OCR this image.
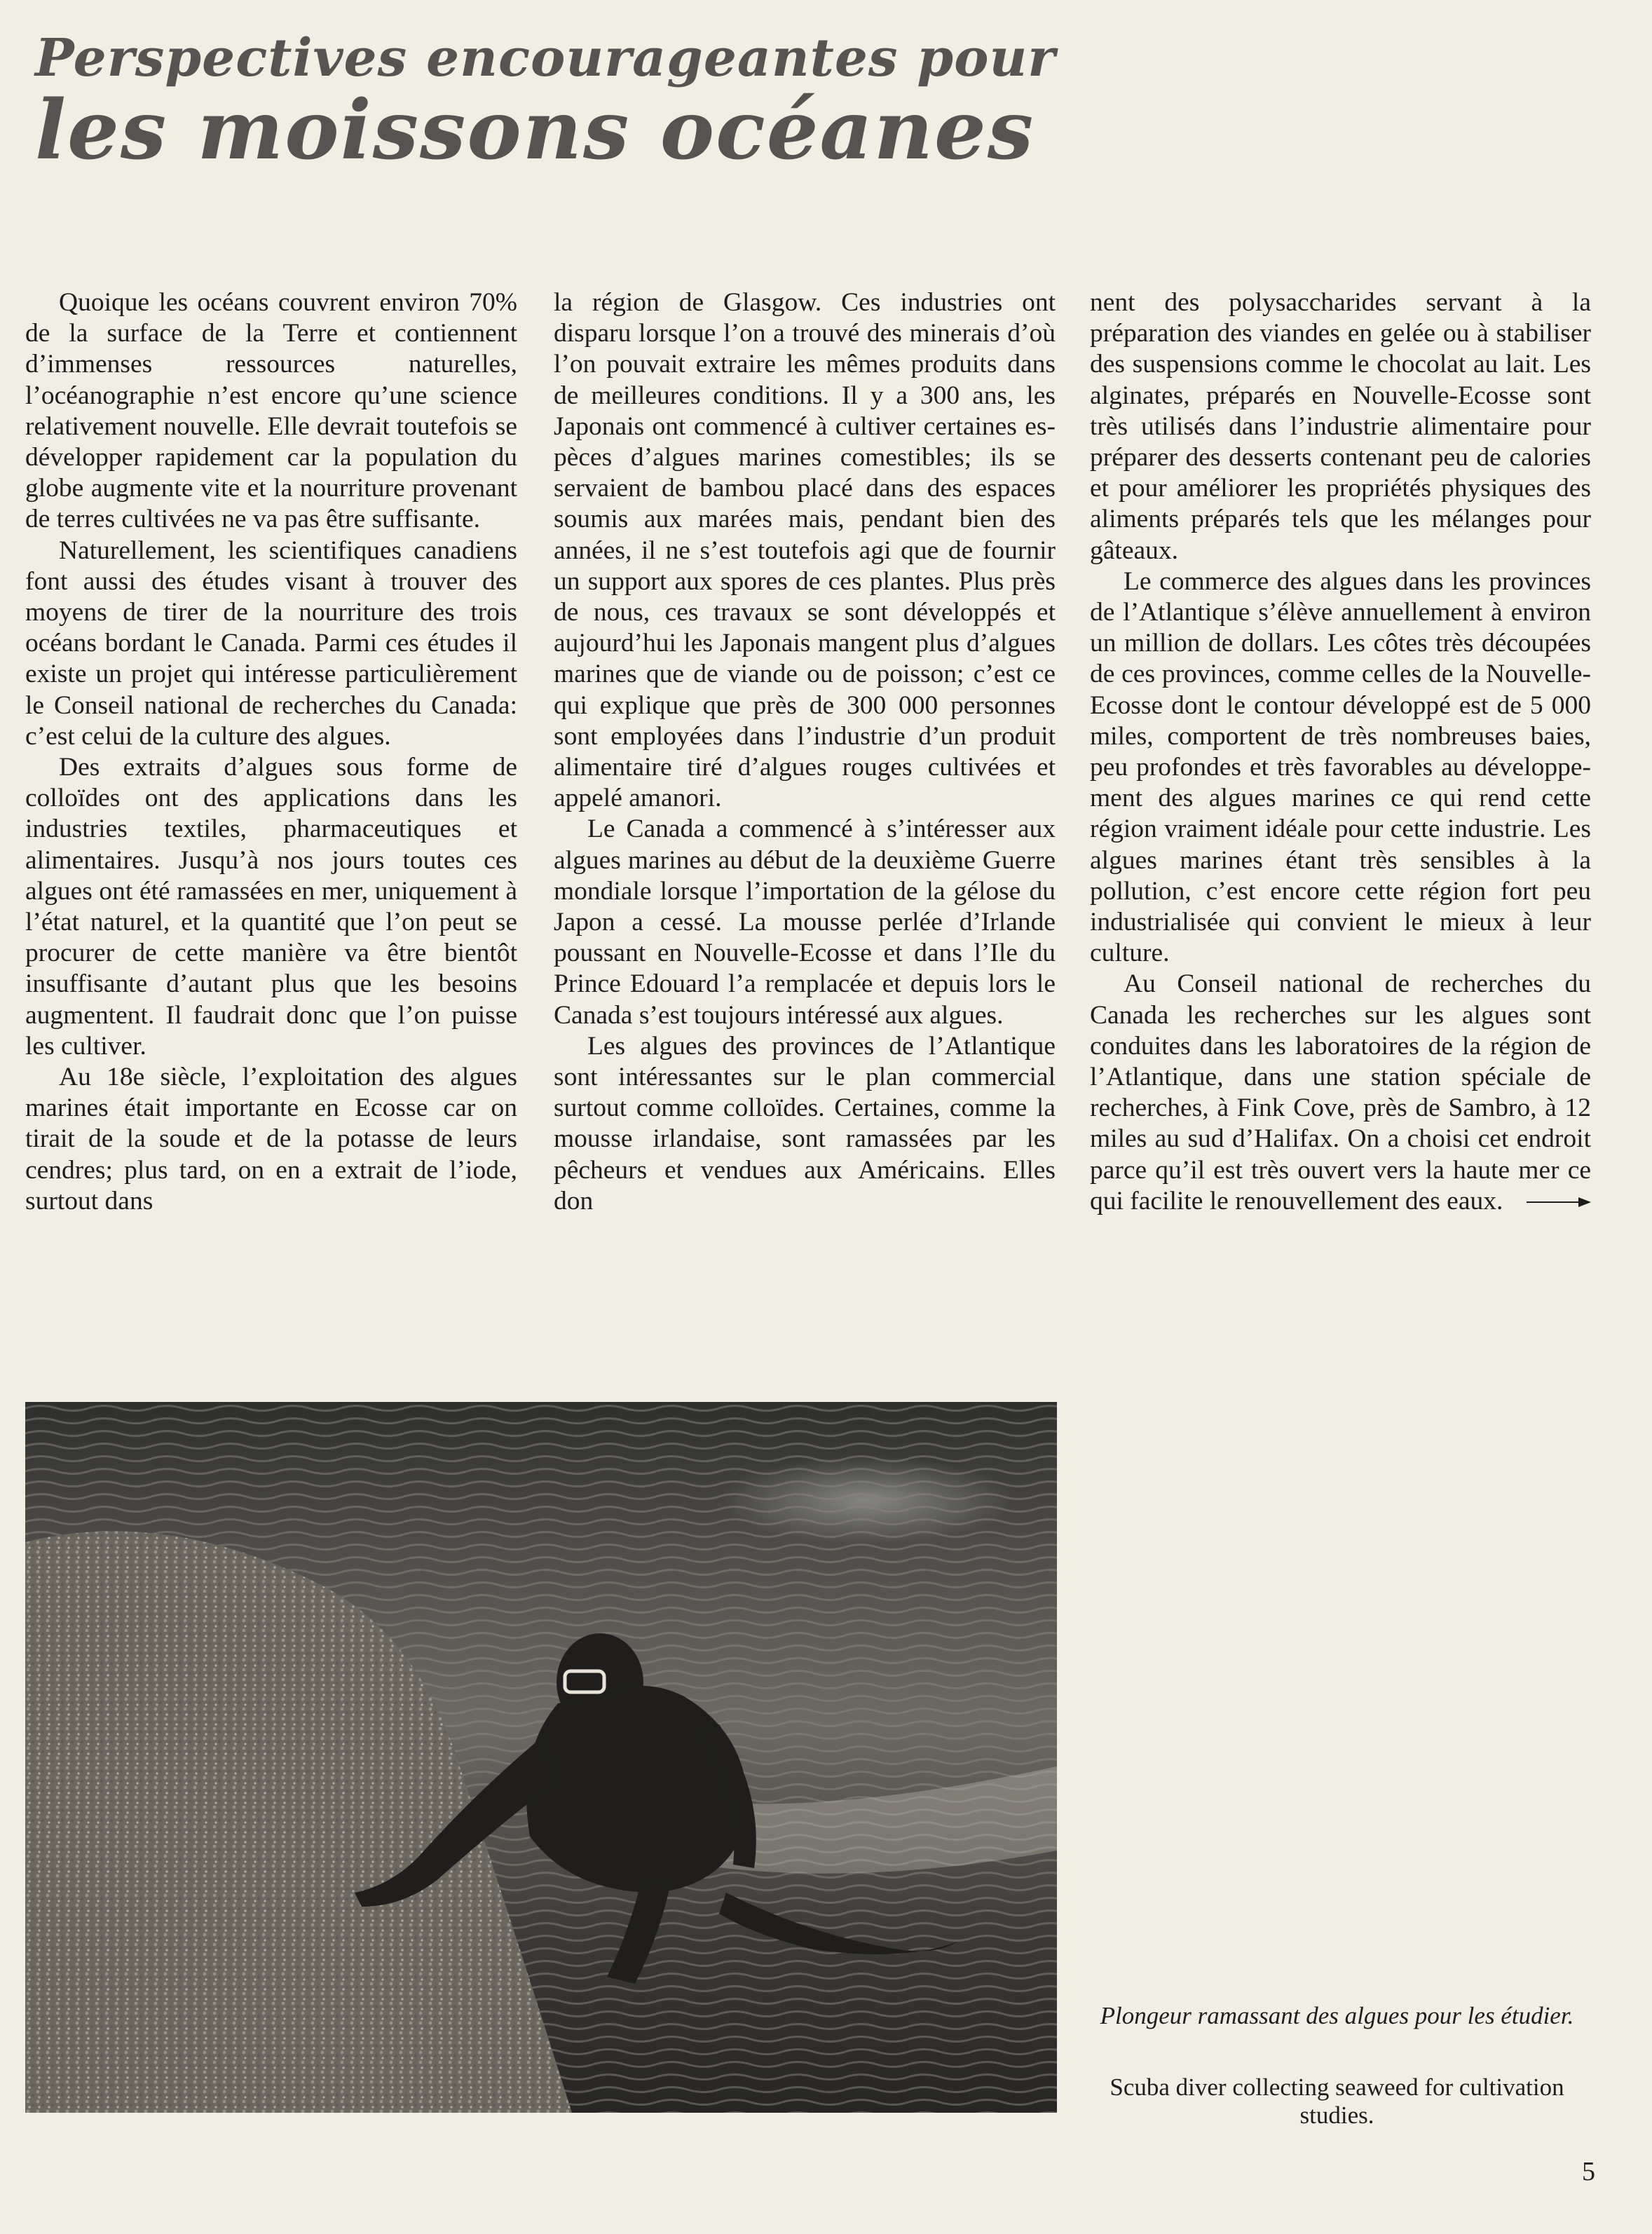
Perspectives encourageantes pour
les moissons océanes

Quoique les océans couvrent environ 70% de la surface de la Terre et contiennent d’immenses ressources naturelles, l’océanographie n’est encore qu’une science relativement nouvelle. Elle devrait toutefois se développer rapidement car la population du globe augmente vite et la nourriture provenant de terres cultivées ne va pas être suffisante.

Naturellement, les scientifiques canadiens font aussi des études visant à trouver des moyens de tirer de la nourriture des trois océans bordant le Canada. Parmi ces études il existe un projet qui intéresse particulièrement le Conseil national de recherches du Canada: c’est celui de la culture des algues.

Des extraits d’algues sous forme de colloïdes ont des applications dans les industries textiles, pharmaceutiques et alimentaires. Jusqu’à nos jours toutes ces algues ont été ramassées en mer, uniquement à l’état naturel, et la quantité que l’on peut se procurer de cette manière va être bientôt insuffisante d’autant plus que les besoins augmentent. Il faudrait donc que l’on puisse les cultiver.

Au 18e siècle, l’exploitation des algues marines était importante en Ecosse car on tirait de la soude et de la potasse de leurs cendres; plus tard, on en a extrait de l’iode, surtout dans

la région de Glasgow. Ces industries ont disparu lorsque l’on a trouvé des minerais d’où l’on pouvait extraire les mêmes produits dans de meilleures conditions. Il y a 300 ans, les Japonais ont commencé à cultiver certaines espèces d’algues marines comestibles; ils se servaient de bambou placé dans des espaces soumis aux marées mais, pendant bien des années, il ne s’est toutefois agi que de fournir un support aux spores de ces plantes. Plus près de nous, ces travaux se sont développés et aujourd’hui les Japonais mangent plus d’algues marines que de viande ou de poisson; c’est ce qui explique que près de 300 000 personnes sont employées dans l’industrie d’un produit alimentaire tiré d’algues rouges cultivées et appelé amanori.

Le Canada a commencé à s’intéresser aux algues marines au début de la deuxième Guerre mondiale lorsque l’importation de la gélose du Japon a cessé. La mousse perlée d’Irlande poussant en Nouvelle-Ecosse et dans l’Ile du Prince Edouard l’a remplacée et depuis lors le Canada s’est toujours intéressé aux algues.

Les algues des provinces de l’Atlantique sont intéressantes sur le plan commercial surtout comme colloïdes. Certaines, comme la mousse irlandaise, sont ramassées par les pêcheurs et vendues aux Américains. Elles don

nent des polysaccharides servant à la préparation des viandes en gelée ou à stabiliser des suspensions comme le chocolat au lait. Les alginates, préparés en Nouvelle-Ecosse sont très utilisés dans l’industrie alimentaire pour préparer des desserts contenant peu de calories et pour améliorer les propriétés physiques des aliments préparés tels que les mélanges pour gâteaux.

Le commerce des algues dans les provinces de l’Atlantique s’élève annuellement à environ un million de dollars. Les côtes très découpées de ces provinces, comme celles de la Nouvelle-Ecosse dont le contour développé est de 5 000 miles, comportent de très nombreuses baies, peu profondes et très favorables au développement des algues marines ce qui rend cette région vraiment idéale pour cette industrie. Les algues marines étant très sensibles à la pollution, c’est encore cette région fort peu industrialisée qui convient le mieux à leur culture.

Au Conseil national de recherches du Canada les recherches sur les algues sont conduites dans les laboratoires de la région de l’Atlantique, dans une station spéciale de recherches, à Fink Cove, près de Sambro, à 12 miles au sud d’Halifax. On a choisi cet endroit parce qu’il est très ouvert vers la haute mer ce qui facilite le renouvellement des eaux.

Plongeur ramassant des algues pour les étudier.

Scuba diver collecting seaweed for cultivation studies.

5
